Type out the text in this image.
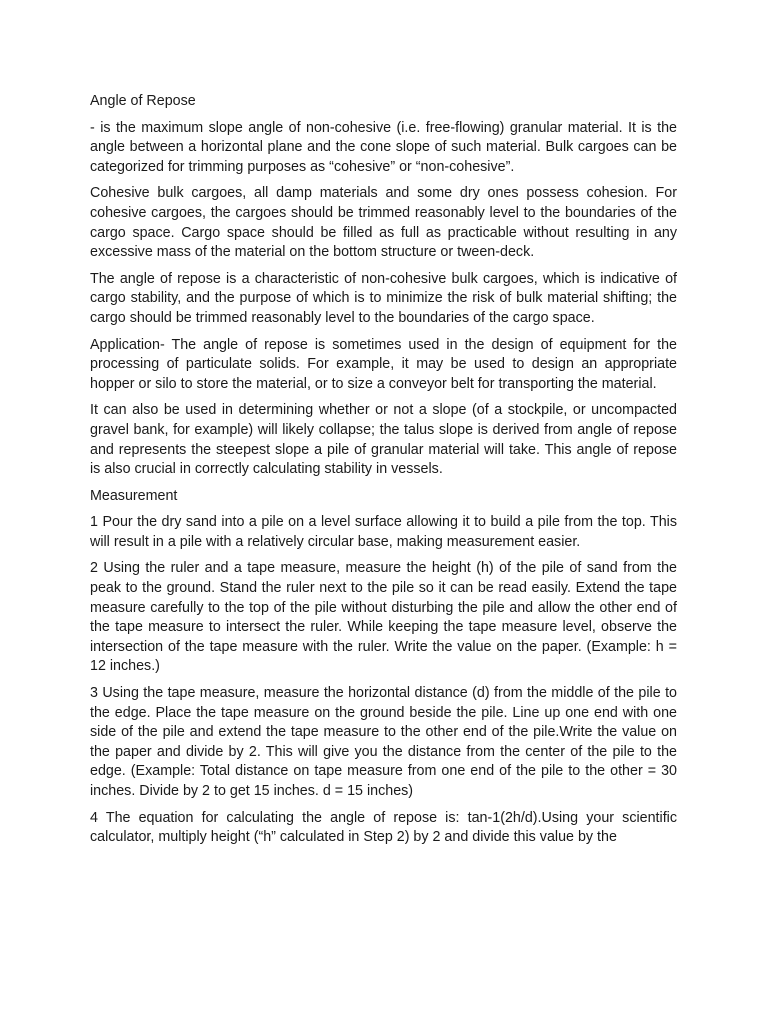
Angle of Repose

- is the maximum slope angle of non-cohesive (i.e. free-flowing) granular material. It is the angle between a horizontal plane and the cone slope of such material. Bulk cargoes can be categorized for trimming purposes as “cohesive” or “non-cohesive”.

Cohesive bulk cargoes, all damp materials and some dry ones possess cohesion. For cohesive cargoes, the cargoes should be trimmed reasonably level to the boundaries of the cargo space. Cargo space should be filled as full as practicable without resulting in any excessive mass of the material on the bottom structure or tween-deck.

The angle of repose is a characteristic of non-cohesive bulk cargoes, which is indicative of cargo stability, and the purpose of which is to minimize the risk of bulk material shifting; the cargo should be trimmed reasonably level to the boundaries of the cargo space.

Application- The angle of repose is sometimes used in the design of equipment for the processing of particulate solids. For example, it may be used to design an appropriate hopper or silo to store the material, or to size a conveyor belt for transporting the material.

It can also be used in determining whether or not a slope (of a stockpile, or uncompacted gravel bank, for example) will likely collapse; the talus slope is derived from angle of repose and represents the steepest slope a pile of granular material will take. This angle of repose is also crucial in correctly calculating stability in vessels.

Measurement

1 Pour the dry sand into a pile on a level surface allowing it to build a pile from the top. This will result in a pile with a relatively circular base, making measurement easier.

2 Using the ruler and a tape measure, measure the height (h) of the pile of sand from the peak to the ground. Stand the ruler next to the pile so it can be read easily. Extend the tape measure carefully to the top of the pile without disturbing the pile and allow the other end of the tape measure to intersect the ruler. While keeping the tape measure level, observe the intersection of the tape measure with the ruler. Write the value on the paper. (Example: h = 12 inches.)

3 Using the tape measure, measure the horizontal distance (d) from the middle of the pile to the edge. Place the tape measure on the ground beside the pile. Line up one end with one side of the pile and extend the tape measure to the other end of the pile.Write the value on the paper and divide by 2. This will give you the distance from the center of the pile to the edge. (Example: Total distance on tape measure from one end of the pile to the other = 30 inches. Divide by 2 to get 15 inches. d = 15 inches)

4 The equation for calculating the angle of repose is: tan-1(2h/d).Using your scientific calculator, multiply height (“h” calculated in Step 2) by 2 and divide this value by the
